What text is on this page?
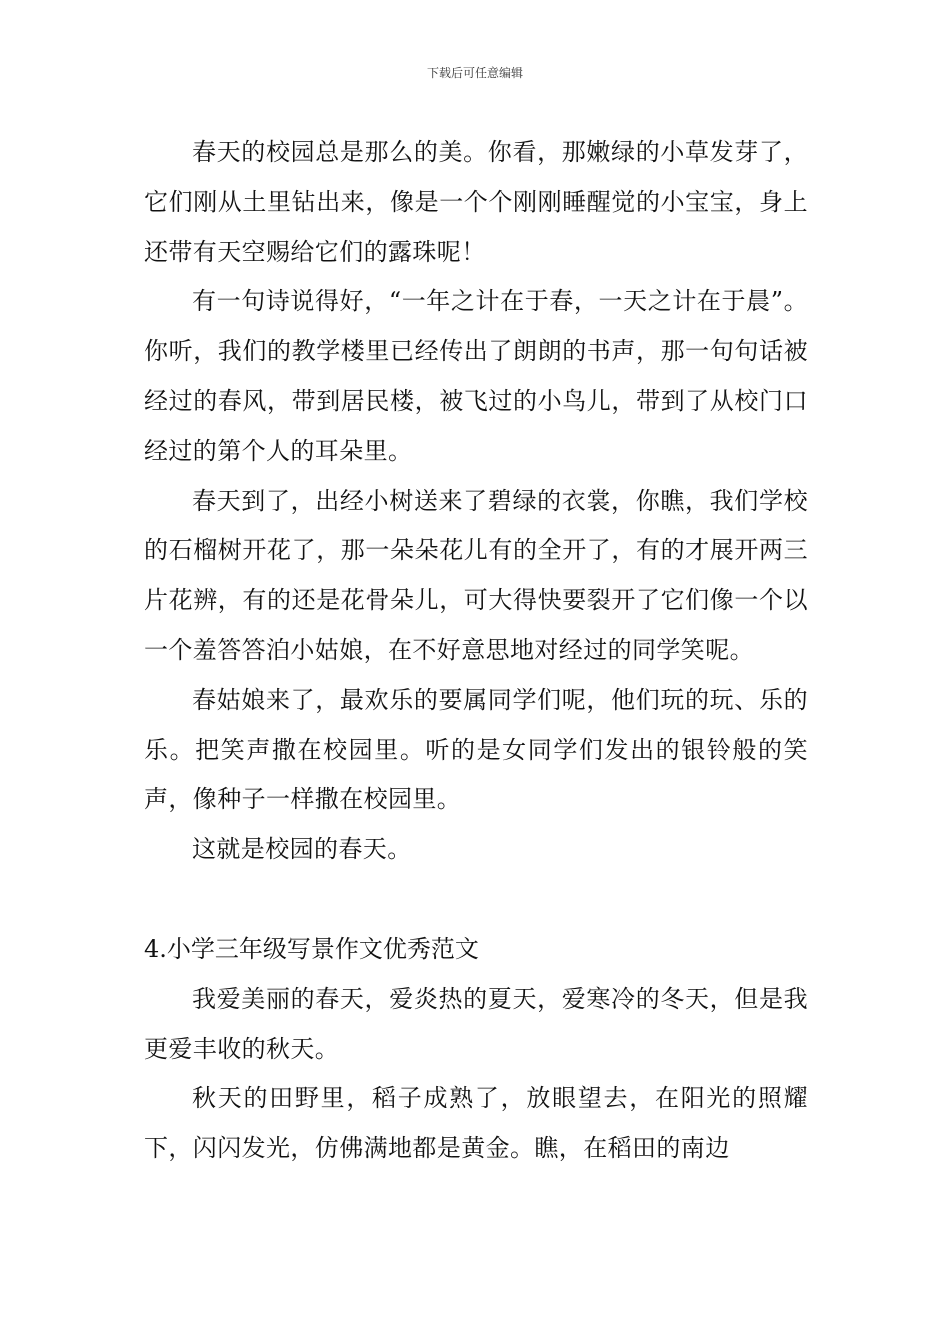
下载后可任意编辑

春天的校园总是那么的美。你看，那嫩绿的小草发芽了，它们刚从土里钻出来，像是一个个刚刚睡醒觉的小宝宝，身上还带有天空赐给它们的露珠呢！

有一句诗说得好，“一年之计在于春，一天之计在于晨”。你听，我们的教学楼里已经传出了朗朗的书声，那一句句话被经过的春风，带到居民楼，被飞过的小鸟儿，带到了从校门口经过的第个人的耳朵里。

春天到了，出经小树送来了碧绿的衣裳，你瞧，我们学校的石榴树开花了，那一朵朵花儿有的全开了，有的才展开两三片花辨，有的还是花骨朵儿，可大得快要裂开了它们像一个以一个羞答答泊小姑娘，在不好意思地对经过的同学笑呢。

春姑娘来了，最欢乐的要属同学们呢，他们玩的玩、乐的乐。把笑声撒在校园里。听的是女同学们发出的银铃般的笑声，像种子一样撒在校园里。

这就是校园的春天。

4.小学三年级写景作文优秀范文

我爱美丽的春天，爱炎热的夏天，爱寒冷的冬天，但是我更爱丰收的秋天。

秋天的田野里，稻子成熟了，放眼望去，在阳光的照耀下，闪闪发光，仿佛满地都是黄金。瞧，在稻田的南边
